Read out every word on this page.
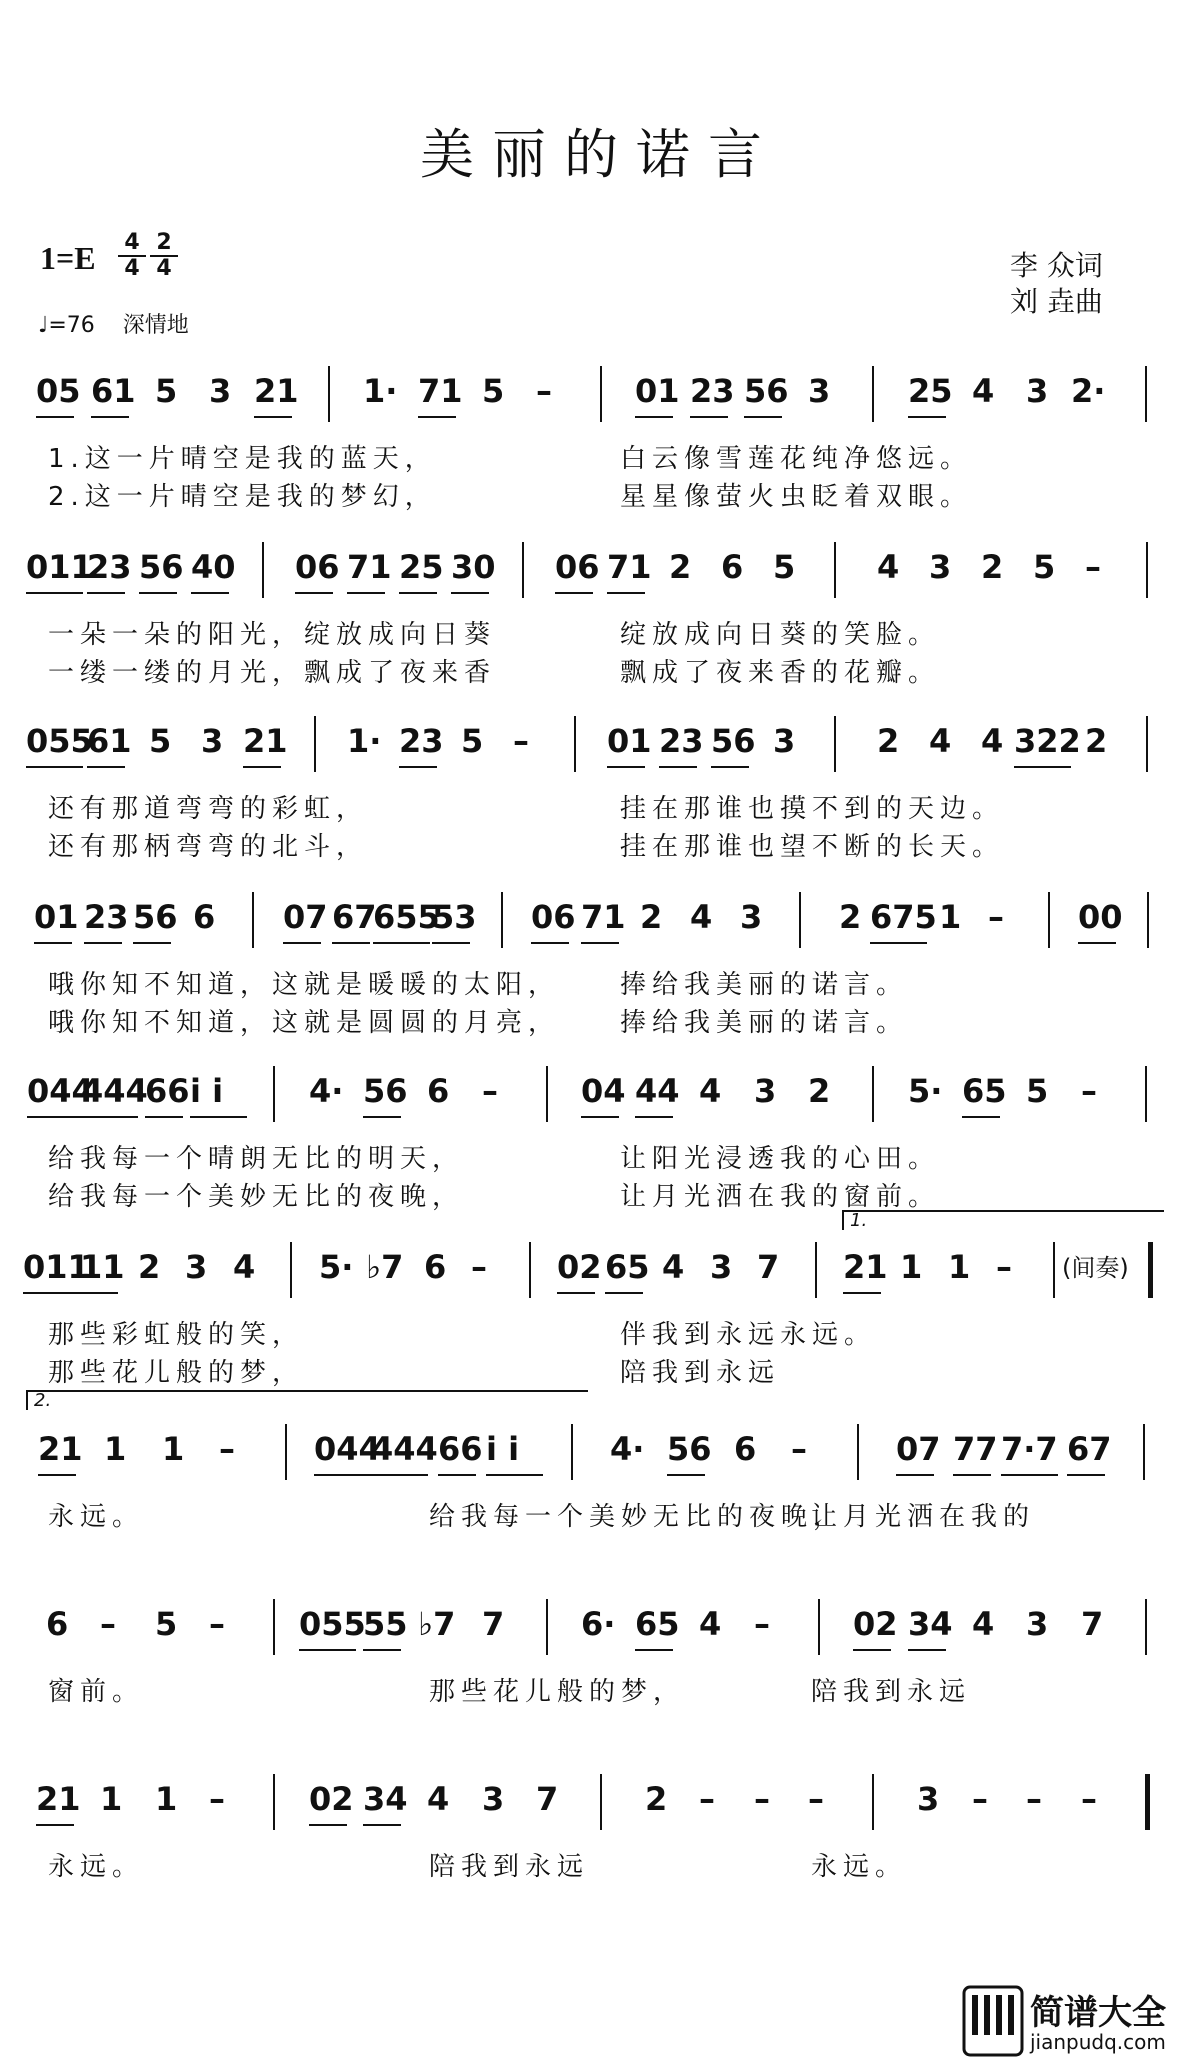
美丽的诺言
1=E 4
4
2
4
♩=76 深情地
李 众词
刘 垚曲
05 61 5 3 21 1· 71 5 –	01 23 56 3 25 4 3 2·
1.这一片晴空是我的蓝天，	白云像雪莲花纯净悠远。
2.这一片晴空是我的梦幻，	星星像萤火虫眨着双眼。
011
23 56 40 06 71 25 30 06 71 2 6 5	4 3 2 5 –
一朵一朵的阳光，绽放成向日葵	绽放成向日葵的笑脸。
一缕一缕的月光，飘成了夜来香	飘成了夜来香的花瓣。
055
61 5 3 21 1· 23 5 – 01 23 56 3	2 4 4 322 2
还有那道弯弯的彩虹，	挂在那谁也摸不到的天边。
还有那柄弯弯的北斗，	挂在那谁也望不断的长天。
01 23 56 6 07 67
655
53 06 71 2 4 3 2 675 1 – 00
哦你知不知道，这就是暖暖的太阳， 捧给我美丽的诺言。
哦你知不知道，这就是圆圆的月亮， 捧给我美丽的诺言。
044
444
66 i i	4· 56 6 –	04 44 4 3 2 5· 65 5 –
给我每一个晴朗无比的明天，	让阳光浸透我的心田。
给我每一个美妙无比的夜晚，	让月光洒在我的窗前。
011
11 2 3 4 5· ♭7 6 – 02 65 4 3 7 21 1 1 – (间奏)
那些彩虹般的笑，	伴我到永远永远。
那些花儿般的梦，	陪我到永远
1.
21 1 1 – 044
444 66 i i	4· 56 6 –	07 77 7·7 67
永远。	给我每一个美妙无比的夜晚，
让月光洒在我的
2.
6 – 5 – 055
55 ♭7 7 6· 65 4 –	02 34 4 3 7
窗前。	那些花儿般的梦，	陪我到永远
21 1 1 –	02 34 4 3 7	2 – – –	3 – – –
永远。	陪我到永远	永远。
简谱大全
jianpudq.com
